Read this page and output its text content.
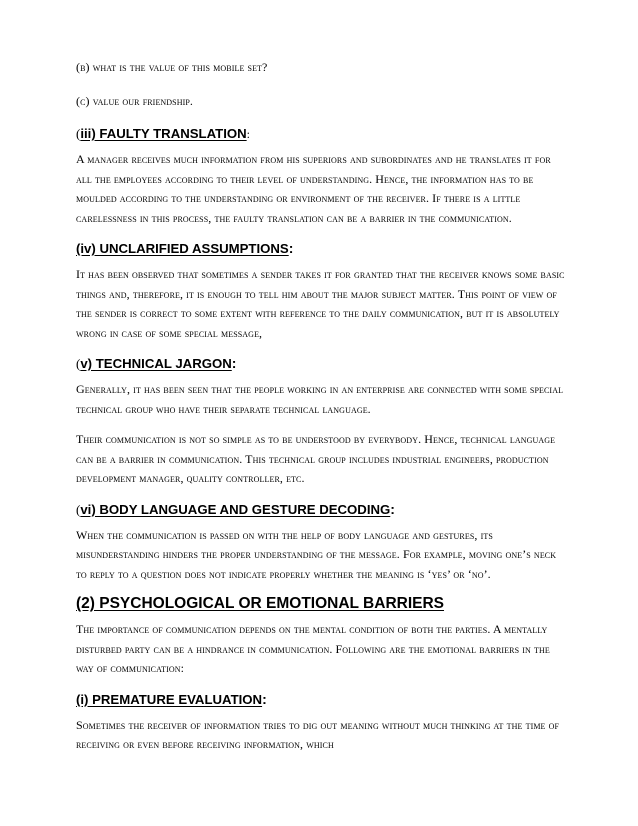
(b) what is the value of this mobile set?

(c) value our friendship.

(iii) FAULTY TRANSLATION:

A manager receives much information from his superiors and subordinates and he translates it for all the employees according to their level of understanding. Hence, the information has to be moulded according to the understanding or environment of the receiver. If there is a little carelessness in this process, the faulty translation can be a barrier in the communication.

(iv) UNCLARIFIED ASSUMPTIONS:

It has been observed that sometimes a sender takes it for granted that the receiver knows some basic things and, therefore, it is enough to tell him about the major subject matter. This point of view of the sender is correct to some extent with reference to the daily communication, but it is absolutely wrong in case of some special message,

(v) TECHNICAL JARGON:

Generally, it has been seen that the people working in an enterprise are connected with some special technical group who have their separate technical language.

Their communication is not so simple as to be understood by everybody. Hence, technical language can be a barrier in communication. This technical group includes industrial engineers, production development manager, quality controller, etc.

(vi) BODY LANGUAGE AND GESTURE DECODING:

When the communication is passed on with the help of body language and gestures, its misunderstanding hinders the proper understanding of the message. For example, moving one’s neck to reply to a question does not indicate properly whether the meaning is ‘yes’ or ‘no’.

(2) PSYCHOLOGICAL OR EMOTIONAL BARRIERS

The importance of communication depends on the mental condition of both the parties. A mentally disturbed party can be a hindrance in communication. Following are the emotional barriers in the way of communication:

(i) PREMATURE EVALUATION:

Sometimes the receiver of information tries to dig out meaning without much thinking at the time of receiving or even before receiving information, which
